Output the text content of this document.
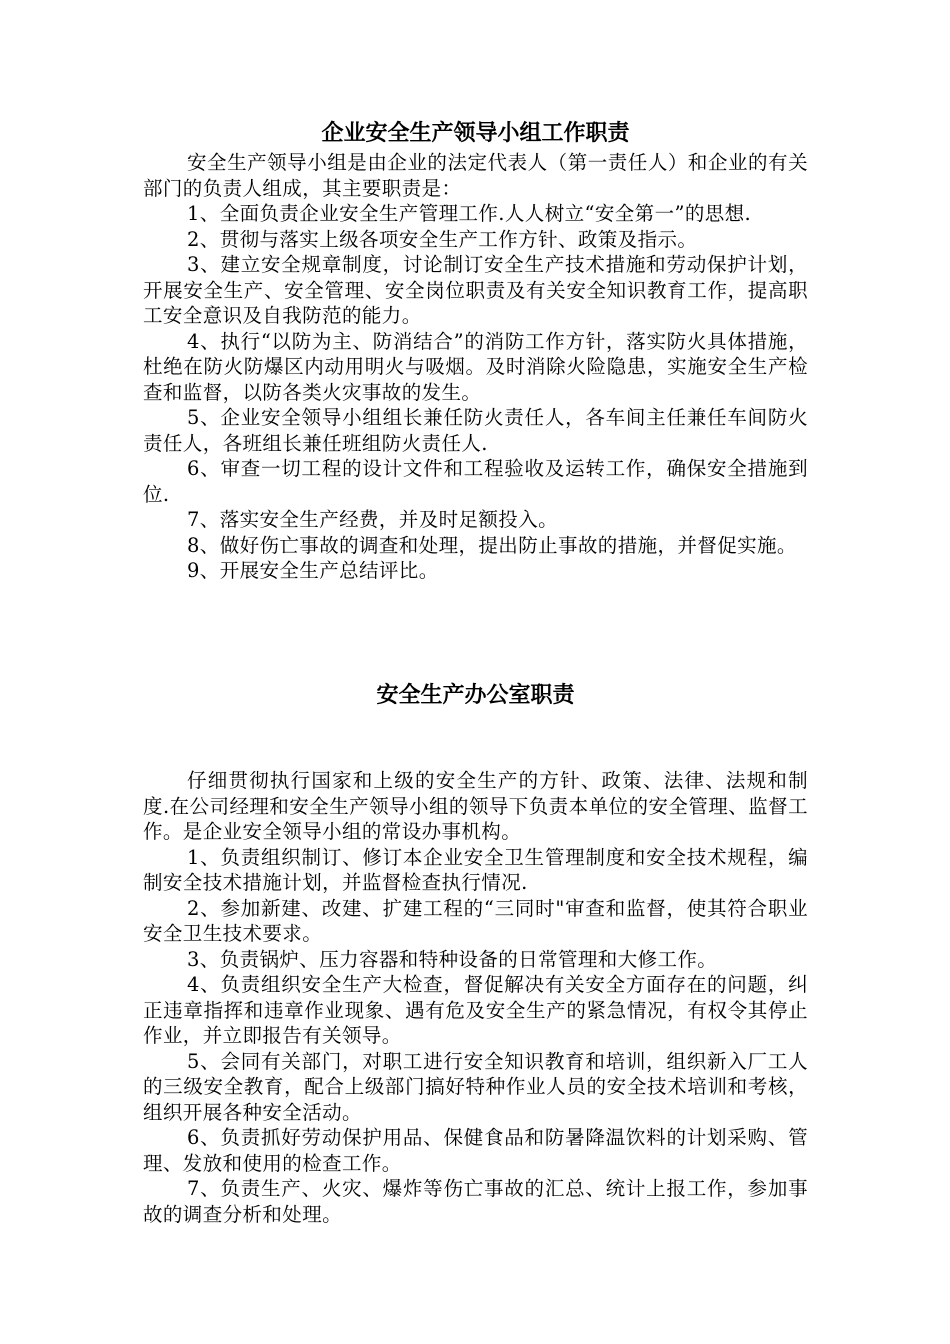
企业安全生产领导小组工作职责

安全生产领导小组是由企业的法定代表人（第一责任人）和企业的有关部门的负责人组成，其主要职责是：

1、全面负责企业安全生产管理工作.人人树立“安全第一”的思想.

2、贯彻与落实上级各项安全生产工作方针、政策及指示。

3、建立安全规章制度，讨论制订安全生产技术措施和劳动保护计划，开展安全生产、安全管理、安全岗位职责及有关安全知识教育工作，提高职工安全意识及自我防范的能力。

4、执行“以防为主、防消结合”的消防工作方针，落实防火具体措施，杜绝在防火防爆区内动用明火与吸烟。及时消除火险隐患，实施安全生产检查和监督，以防各类火灾事故的发生。

5、企业安全领导小组组长兼任防火责任人，各车间主任兼任车间防火责任人，各班组长兼任班组防火责任人.

6、审查一切工程的设计文件和工程验收及运转工作，确保安全措施到位.

7、落实安全生产经费，并及时足额投入。

8、做好伤亡事故的调查和处理，提出防止事故的措施，并督促实施。

9、开展安全生产总结评比。

安全生产办公室职责

仔细贯彻执行国家和上级的安全生产的方针、政策、法律、法规和制度.在公司经理和安全生产领导小组的领导下负责本单位的安全管理、监督工作。是企业安全领导小组的常设办事机构。

1、负责组织制订、修订本企业安全卫生管理制度和安全技术规程，编制安全技术措施计划，并监督检查执行情况.

2、参加新建、改建、扩建工程的“三同时"审查和监督，使其符合职业安全卫生技术要求。

3、负责锅炉、压力容器和特种设备的日常管理和大修工作。

4、负责组织安全生产大检查，督促解决有关安全方面存在的问题，纠正违章指挥和违章作业现象、遇有危及安全生产的紧急情况，有权令其停止作业，并立即报告有关领导。

5、会同有关部门，对职工进行安全知识教育和培训，组织新入厂工人的三级安全教育，配合上级部门搞好特种作业人员的安全技术培训和考核，组织开展各种安全活动。

6、负责抓好劳动保护用品、保健食品和防暑降温饮料的计划采购、管理、发放和使用的检查工作。

7、负责生产、火灾、爆炸等伤亡事故的汇总、统计上报工作，参加事故的调查分析和处理。
